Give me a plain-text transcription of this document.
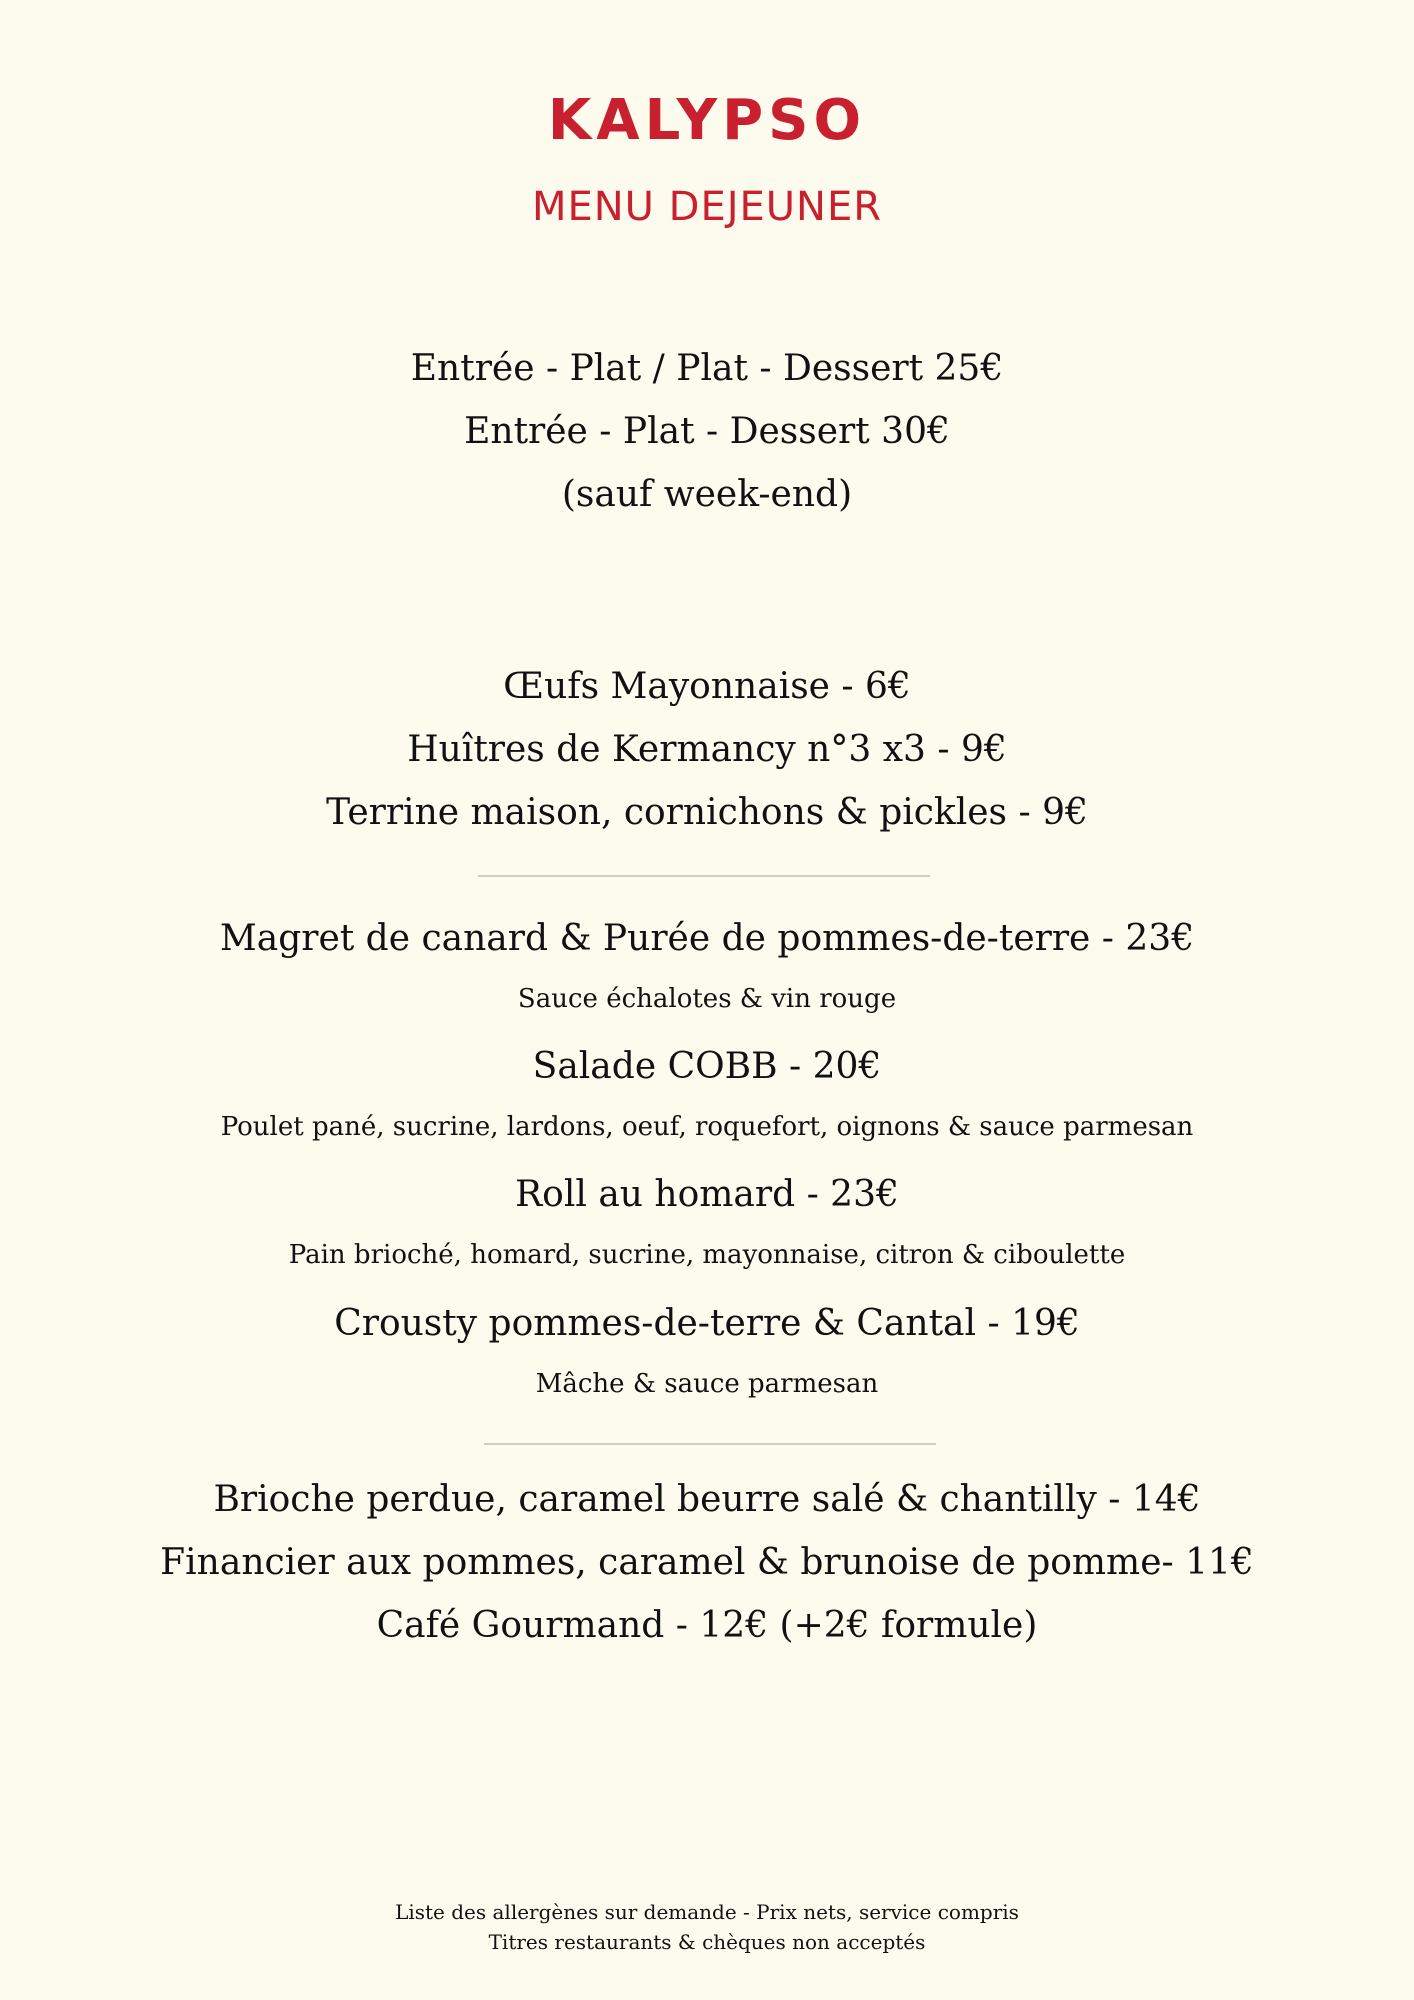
KALYPSO
MENU DEJEUNER
Entrée - Plat / Plat - Dessert 25€
Entrée - Plat - Dessert 30€
(sauf week-end)
Œufs Mayonnaise - 6€
Huîtres de Kermancy n°3 x3 - 9€
Terrine maison, cornichons & pickles - 9€
Magret de canard & Purée de pommes-de-terre - 23€
Sauce échalotes & vin rouge
Salade COBB - 20€
Poulet pané, sucrine, lardons, oeuf, roquefort, oignons & sauce parmesan
Roll au homard - 23€
Pain brioché, homard, sucrine, mayonnaise, citron & ciboulette
Crousty pommes-de-terre & Cantal - 19€
Mâche & sauce parmesan
Brioche perdue, caramel beurre salé & chantilly - 14€
Financier aux pommes, caramel & brunoise de pomme- 11€
Café Gourmand - 12€ (+2€ formule)
Liste des allergènes sur demande - Prix nets, service compris
Titres restaurants & chèques non acceptés
